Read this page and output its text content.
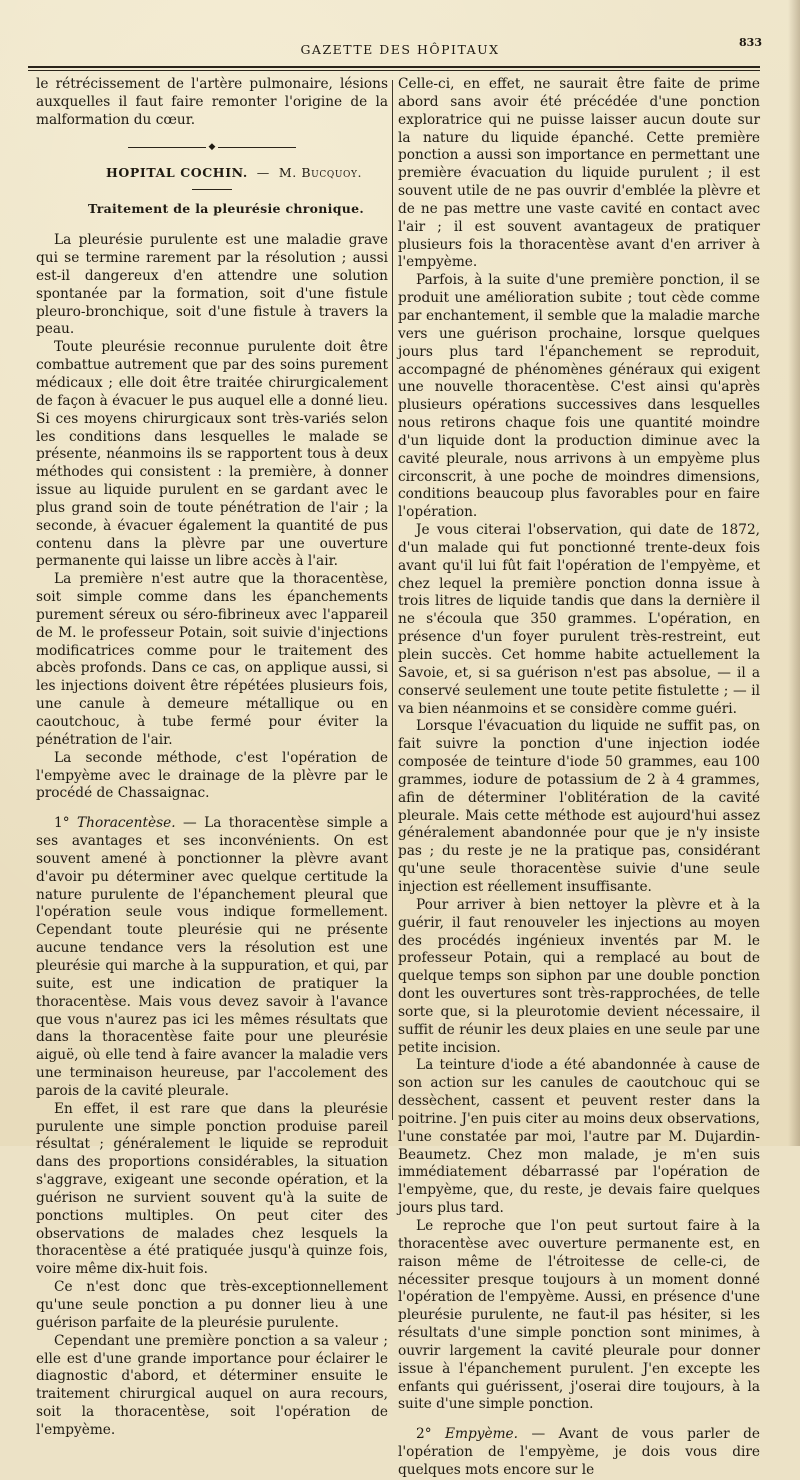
GAZETTE DES HÔPITAUX	833

le rétrécissement de l'artère pulmonaire, lésions auxquelles il faut faire remonter l'origine de la malformation du cœur.

◆
HOPITAL COCHIN. — M. Bucquoy.
Traitement de la pleurésie chronique.

La pleurésie purulente est une maladie grave qui se termine rarement par la résolution ; aussi est-il dangereux d'en attendre une solution spontanée par la formation, soit d'une fistule pleuro-bronchique, soit d'une fistule à travers la peau.

Toute pleurésie reconnue purulente doit être combattue autrement que par des soins purement médicaux ; elle doit être traitée chirurgicalement de façon à évacuer le pus auquel elle a donné lieu. Si ces moyens chirurgicaux sont très-variés selon les conditions dans lesquelles le malade se présente, néanmoins ils se rapportent tous à deux méthodes qui consistent : la première, à donner issue au liquide purulent en se gardant avec le plus grand soin de toute pénétration de l'air ; la seconde, à évacuer également la quantité de pus contenu dans la plèvre par une ouverture permanente qui laisse un libre accès à l'air.

La première n'est autre que la thoracentèse, soit simple comme dans les épanchements purement séreux ou séro-fibrineux avec l'appareil de M. le professeur Potain, soit suivie d'injections modificatrices comme pour le traitement des abcès profonds. Dans ce cas, on applique aussi, si les injections doivent être répétées plusieurs fois, une canule à demeure métallique ou en caoutchouc, à tube fermé pour éviter la pénétration de l'air.

La seconde méthode, c'est l'opération de l'empyème avec le drainage de la plèvre par le procédé de Chassaignac.

1° Thoracentèse. — La thoracentèse simple a ses avantages et ses inconvénients. On est souvent amené à ponctionner la plèvre avant d'avoir pu déterminer avec quelque certitude la nature purulente de l'épanchement pleural que l'opération seule vous indique formellement. Cependant toute pleurésie qui ne présente aucune tendance vers la résolution est une pleurésie qui marche à la suppuration, et qui, par suite, est une indication de pratiquer la thoracentèse. Mais vous devez savoir à l'avance que vous n'aurez pas ici les mêmes résultats que dans la thoracentèse faite pour une pleurésie aiguë, où elle tend à faire avancer la maladie vers une terminaison heureuse, par l'accolement des parois de la cavité pleurale.

En effet, il est rare que dans la pleurésie purulente une simple ponction produise pareil résultat ; généralement le liquide se reproduit dans des proportions considérables, la situation s'aggrave, exigeant une seconde opération, et la guérison ne survient souvent qu'à la suite de ponctions multiples. On peut citer des observations de malades chez lesquels la thoracentèse a été pratiquée jusqu'à quinze fois, voire même dix-huit fois.

Ce n'est donc que très-exceptionnellement qu'une seule ponction a pu donner lieu à une guérison parfaite de la pleurésie purulente.

Cependant une première ponction a sa valeur ; elle est d'une grande importance pour éclairer le diagnostic d'abord, et déterminer ensuite le traitement chirurgical auquel on aura recours, soit la thoracentèse, soit l'opération de l'empyème.

Celle-ci, en effet, ne saurait être faite de prime abord sans avoir été précédée d'une ponction exploratrice qui ne puisse laisser aucun doute sur la nature du liquide épanché. Cette première ponction a aussi son importance en permettant une première évacuation du liquide purulent ; il est souvent utile de ne pas ouvrir d'emblée la plèvre et de ne pas mettre une vaste cavité en contact avec l'air ; il est souvent avantageux de pratiquer plusieurs fois la thoracentèse avant d'en arriver à l'empyème.

Parfois, à la suite d'une première ponction, il se produit une amélioration subite ; tout cède comme par enchantement, il semble que la maladie marche vers une guérison prochaine, lorsque quelques jours plus tard l'épanchement se reproduit, accompagné de phénomènes généraux qui exigent une nouvelle thoracentèse. C'est ainsi qu'après plusieurs opérations successives dans lesquelles nous retirons chaque fois une quantité moindre d'un liquide dont la production diminue avec la cavité pleurale, nous arrivons à un empyème plus circonscrit, à une poche de moindres dimensions, conditions beaucoup plus favorables pour en faire l'opération.

Je vous citerai l'observation, qui date de 1872, d'un malade qui fut ponctionné trente-deux fois avant qu'il lui fût fait l'opération de l'empyème, et chez lequel la première ponction donna issue à trois litres de liquide tandis que dans la dernière il ne s'écoula que 350 grammes. L'opération, en présence d'un foyer purulent très-restreint, eut plein succès. Cet homme habite actuellement la Savoie, et, si sa guérison n'est pas absolue, — il a conservé seulement une toute petite fistulette ; — il va bien néanmoins et se considère comme guéri.

Lorsque l'évacuation du liquide ne suffit pas, on fait suivre la ponction d'une injection iodée composée de teinture d'iode 50 grammes, eau 100 grammes, iodure de potassium de 2 à 4 grammes, afin de déterminer l'oblitération de la cavité pleurale. Mais cette méthode est aujourd'hui assez généralement abandonnée pour que je n'y insiste pas ; du reste je ne la pratique pas, considérant qu'une seule thoracentèse suivie d'une seule injection est réellement insuffisante.

Pour arriver à bien nettoyer la plèvre et à la guérir, il faut renouveler les injections au moyen des procédés ingénieux inventés par M. le professeur Potain, qui a remplacé au bout de quelque temps son siphon par une double ponction dont les ouvertures sont très-rapprochées, de telle sorte que, si la pleurotomie devient nécessaire, il suffit de réunir les deux plaies en une seule par une petite incision.

La teinture d'iode a été abandonnée à cause de son action sur les canules de caoutchouc qui se dessèchent, cassent et peuvent rester dans la poitrine. J'en puis citer au moins deux observations, l'une constatée par moi, l'autre par M. Dujardin-Beaumetz. Chez mon malade, je m'en suis immédiatement débarrassé par l'opération de l'empyème, que, du reste, je devais faire quelques jours plus tard.

Le reproche que l'on peut surtout faire à la thoracentèse avec ouverture permanente est, en raison même de l'étroitesse de celle-ci, de nécessiter presque toujours à un moment donné l'opération de l'empyème. Aussi, en présence d'une pleurésie purulente, ne faut-il pas hésiter, si les résultats d'une simple ponction sont minimes, à ouvrir largement la cavité pleurale pour donner issue à l'épanchement purulent. J'en excepte les enfants qui guérissent, j'oserai dire toujours, à la suite d'une simple ponction.

2° Empyème. — Avant de vous parler de l'opération de l'empyème, je dois vous dire quelques mots encore sur le
